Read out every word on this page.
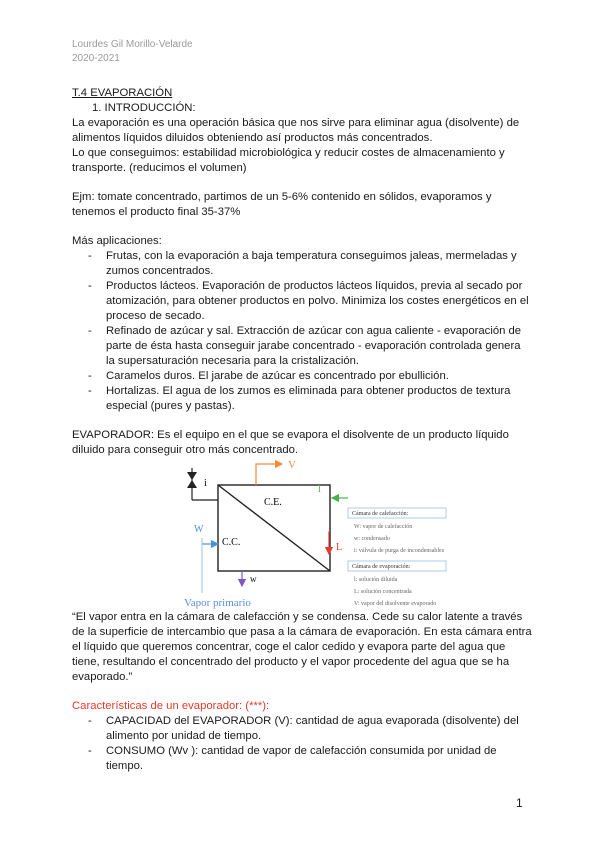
Lourdes Gil Morillo-Velarde
2020-2021

T.4 EVAPORACIÓN

1. INTRODUCCIÓN:

La evaporación es una operación básica que nos sirve para eliminar agua (disolvente) de alimentos líquidos diluidos obteniendo así productos más concentrados.

Lo que conseguimos: estabilidad microbiológica y reducir costes de almacenamiento y transporte. (reducimos el volumen)

Ejm: tomate concentrado, partimos de un 5-6% contenido en sólidos, evaporamos y tenemos el producto final 35-37%

Más aplicaciones:

- Frutas, con la evaporación a baja temperatura conseguimos jaleas, mermeladas y zumos concentrados.
- Productos lácteos. Evaporación de productos lácteos líquidos, previa al secado por atomización, para obtener productos en polvo. Minimiza los costes energéticos en el proceso de secado.
- Refinado de azúcar y sal. Extracción de azúcar con agua caliente - evaporación de parte de ésta hasta conseguir jarabe concentrado - evaporación controlada genera la supersaturación necesaria para la cristalización.
- Caramelos duros. El jarabe de azúcar es concentrado por ebullición.
- Hortalizas. El agua de los zumos es eliminada para obtener productos de textura especial (pures y pastas).

EVAPORADOR: Es el equipo en el que se evapora el disolvente de un producto líquido diluido para conseguir otro más concentrado.

C.E.
C.C.
i
V
l
L
W
Vapor primario
w
Cámara de calefacción:
W: vapor de calefacción
w: condensado
i: válvula de purga de incondensables
Cámara de evaporación:
l: solución diluida
L: solución concentrada
V: vapor del disolvente evaporado

“El vapor entra en la cámara de calefacción y se condensa. Cede su calor latente a través de la superficie de intercambio que pasa a la cámara de evaporación. En esta cámara entra el líquido que queremos concentrar, coge el calor cedido y evapora parte del agua que tiene, resultando el concentrado del producto y el vapor procedente del agua que se ha evaporado.”

Características de un evaporador: (***):

- CAPACIDAD del EVAPORADOR (V): cantidad de agua evaporada (disolvente) del alimento por unidad de tiempo.
- CONSUMO (Wv ): cantidad de vapor de calefacción consumida por unidad de tiempo.
1
